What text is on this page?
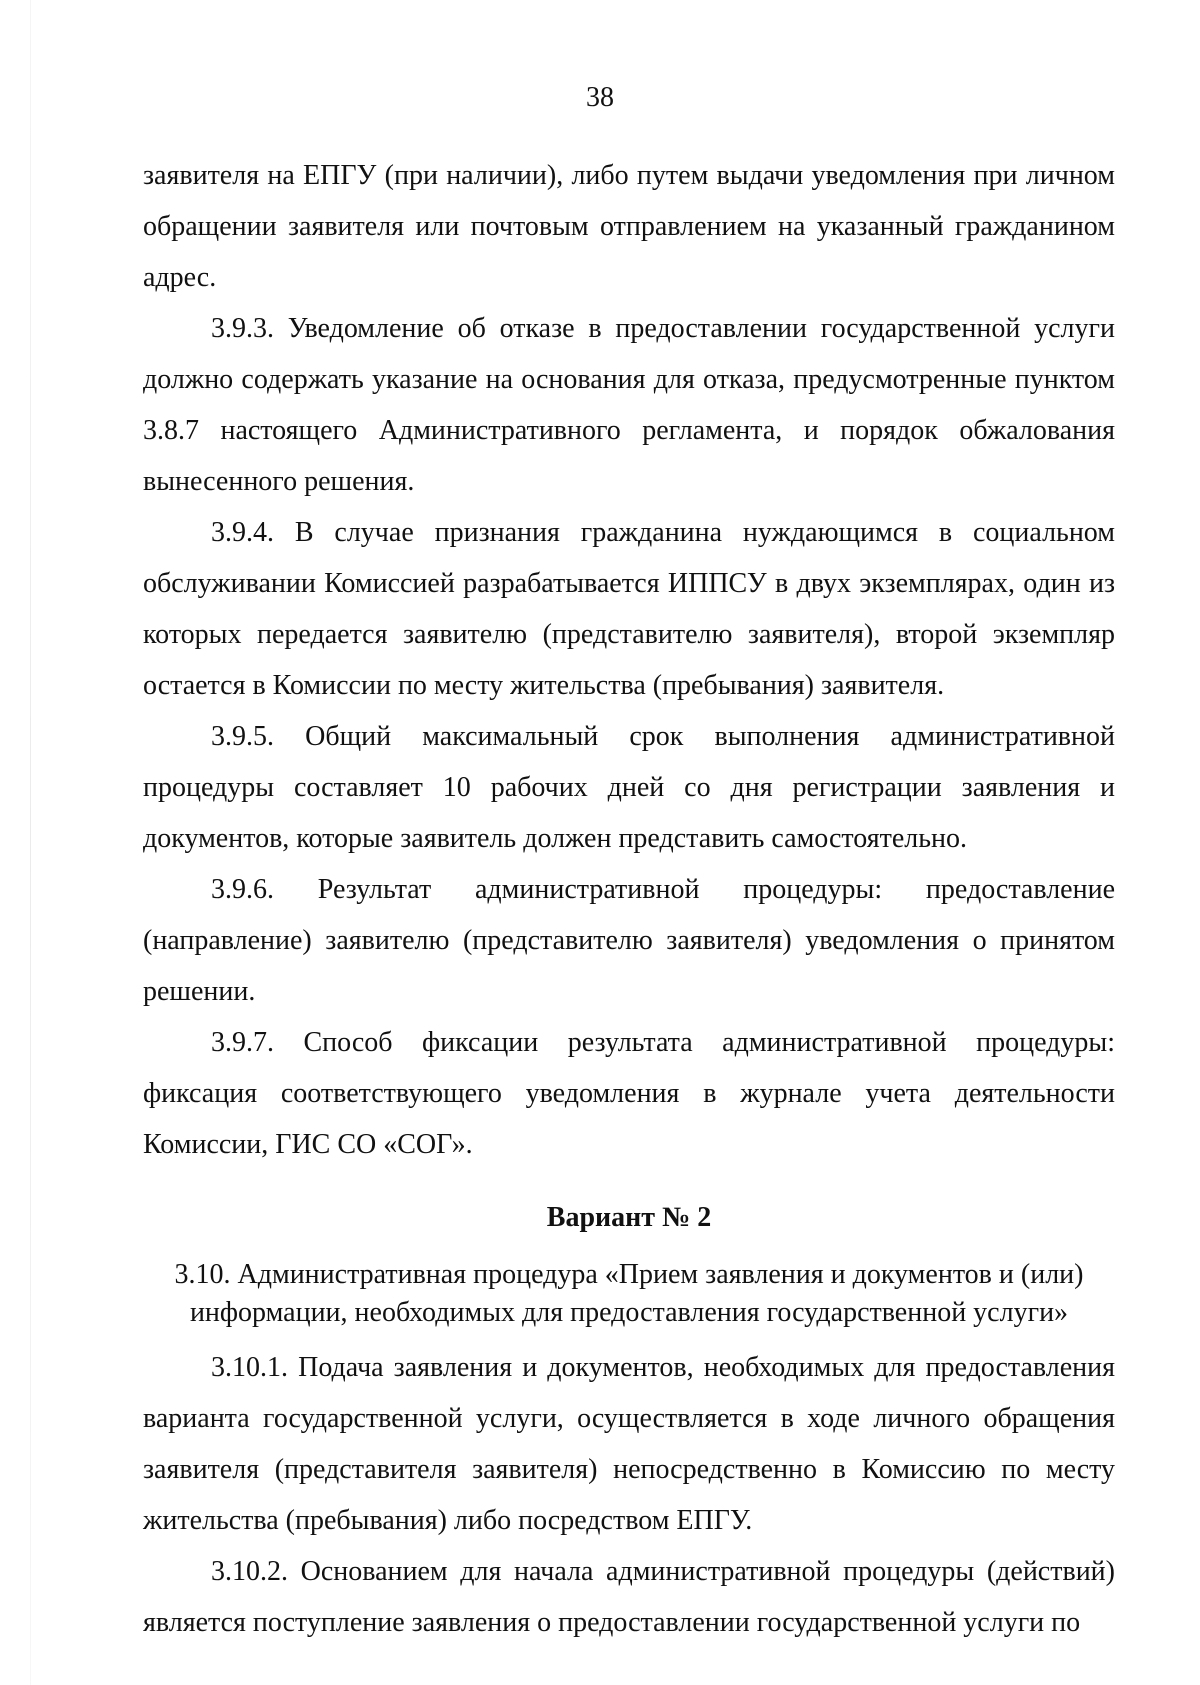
38

заявителя на ЕПГУ (при наличии), либо путем выдачи уведомления при личном обращении заявителя или почтовым отправлением на указанный гражданином адрес.

3.9.3. Уведомление об отказе в предоставлении государственной услуги должно содержать указание на основания для отказа, предусмотренные пунктом 3.8.7 настоящего Административного регламента, и порядок обжалования вынесенного решения.

3.9.4. В случае признания гражданина нуждающимся в социальном обслуживании Комиссией разрабатывается ИППСУ в двух экземплярах, один из которых передается заявителю (представителю заявителя), второй экземпляр остается в Комиссии по месту жительства (пребывания) заявителя.

3.9.5. Общий максимальный срок выполнения административной процедуры составляет 10 рабочих дней со дня регистрации заявления и документов, которые заявитель должен представить самостоятельно.

3.9.6. Результат административной процедуры: предоставление (направление) заявителю (представителю заявителя) уведомления о принятом решении.

3.9.7. Способ фиксации результата административной процедуры: фиксация соответствующего уведомления в журнале учета деятельности Комиссии, ГИС СО «СОГ».

Вариант № 2
3.10. Административная процедура «Прием заявления и документов и (или)
информации, необходимых для предоставления государственной услуги»

3.10.1. Подача заявления и документов, необходимых для предоставления варианта государственной услуги, осуществляется в ходе личного обращения заявителя (представителя заявителя) непосредственно в Комиссию по месту жительства (пребывания) либо посредством ЕПГУ.

3.10.2. Основанием для начала административной процедуры (действий) является поступление заявления о предоставлении государственной услуги по
